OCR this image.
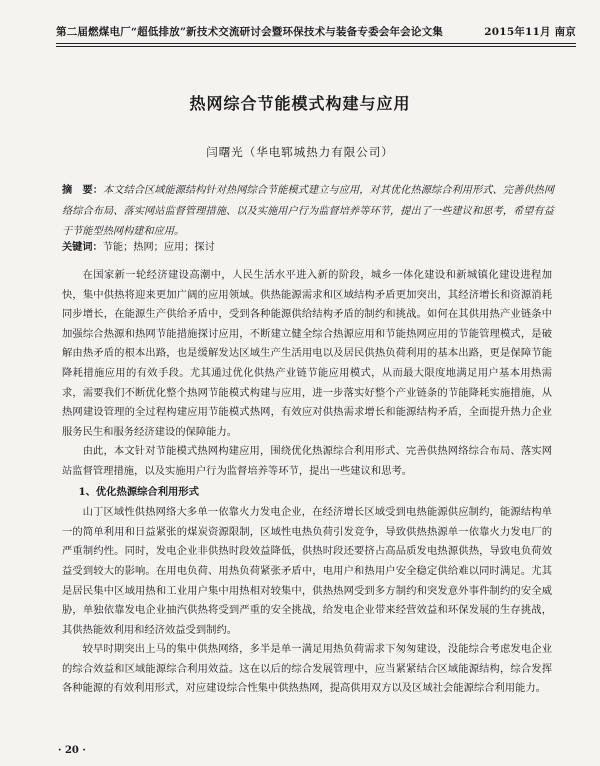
第二届燃煤电厂“超低排放”新技术交流研讨会暨环保技术与装备专委会年会论文集	2015年11月 南京
热网综合节能模式构建与应用
闫曙光（华电郓城热力有限公司）
摘　要：本文结合区域能源结构针对热网综合节能模式建立与应用，对其优化热源综合利用形式、完善供热网络综合布局、落实网站监督管理措施、以及实施用户行为监督培养等环节，提出了一些建议和思考，希望有益于节能型热网构建和应用。
关键词：节能；热网；应用；探讨

在国家新一轮经济建设高潮中，人民生活水平进入新的阶段，城乡一体化建设和新城镇化建设进程加快，集中供热将迎来更加广阔的应用领域。供热能源需求和区域结构矛盾更加突出，其经济增长和资源消耗同步增长，在能源生产供给矛盾中，受到各种能源供给结构矛盾的制约和挑战。如何在其供用热产业链条中加强综合热源和热网节能措施探讨应用，不断建立健全综合热源应用和节能热网应用的节能管理模式，是破解由热矛盾的根本出路，也是缓解发达区域生产生活用电以及居民供热负荷利用的基本出路，更是保障节能降耗措施应用的有效手段。尤其通过优化供热产业链节能应用模式，从而最大限度地满足用户基本用热需求，需要我们不断优化整个热网节能模式构建与应用，进一步落实好整个产业链条的节能降耗实施措施，从热网建设管理的全过程构建应用节能模式热网，有效应对供热需求增长和能源结构矛盾，全面提升热力企业服务民生和服务经济建设的保障能力。

由此，本文针对节能模式热网构建应用，围绕优化热源综合利用形式、完善供热网络综合布局、落实网站监督管理措施，以及实施用户行为监督培养等环节，提出一些建议和思考。

1、优化热源综合利用形式

山丁区域性供热网络大多单一依靠火力发电企业，在经济增长区域受到电热能源供应制约，能源结构单一的简单利用和日益紧张的煤炭资源限制，区域性电热负荷引发竞争，导致供热热源单一依靠火力发电厂的严重制约性。同时，发电企业非供热时段效益降低，供热时段还要挤占高品质发电热源供热，导致电负荷效益受到较大的影响。在用电负荷、用热负荷紧张矛盾中，电用户和热用户安全稳定供给难以同时满足。尤其是居民集中区域用热和工业用户集中用热相对较集中，供热热网受到多方制约和突发意外事件制约的安全威胁，单独依靠发电企业抽汽供热将受到严重的安全挑战，给发电企业带来经营效益和环保发展的生存挑战，其供热能效利用和经济效益受到制约。

较早时期突出上马的集中供热网络，多半是单一满足用热负荷需求下匆匆建设，没能综合考虑发电企业的综合效益和区域能源综合利用效益。这在以后的综合发展管理中，应当紧紧结合区域能源结构，综合发挥各种能源的有效利用形式，对应建设综合性集中供热热网，提高供用双方以及区域社会能源综合利用能力。

· 20 ·
